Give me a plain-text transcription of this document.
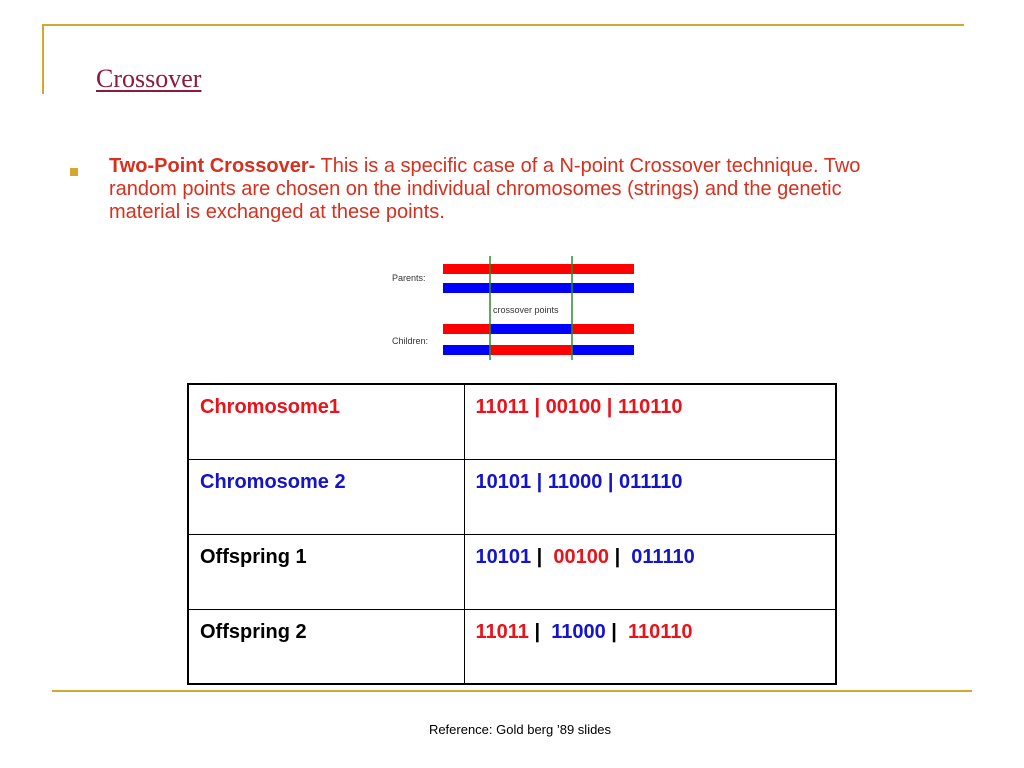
Crossover

Two-Point Crossover- This is a specific case of a N-point Crossover technique. Two random points are chosen on the individual chromosomes (strings) and the genetic material is exchanged at these points.

Parents:
crossover points
Children:
Chromosome1	11011 | 00100 | 110110
Chromosome 2	10101 | 11000 | 011110
Offspring 1	10101 |  00100 |  011110
Offspring 2	11011 |  11000 |  110110

Reference: Gold berg ’89 slides
